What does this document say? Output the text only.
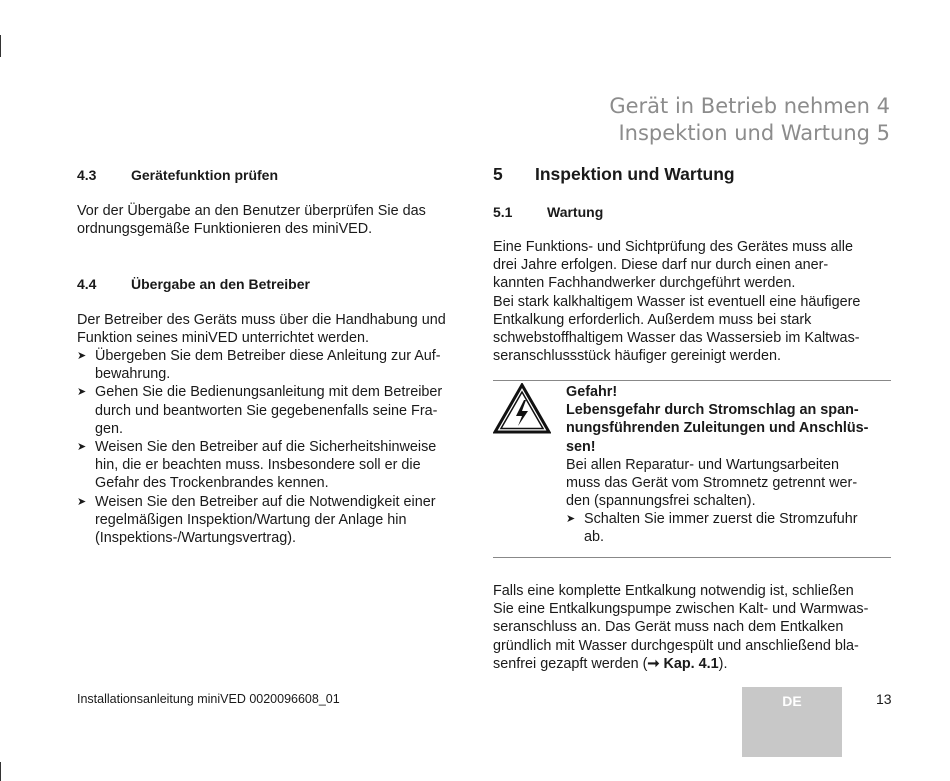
Gerät in Betrieb nehmen 4
Inspektion und Wartung 5
4.3 Gerätefunktion prüfen
Vor der Übergabe an den Benutzer überprüfen Sie das
ordnungsgemäße Funktionieren des miniVED.
4.4 Übergabe an den Betreiber
Der Betreiber des Geräts muss über die Handhabung und
Funktion seines miniVED unterrichtet werden.
➤ Übergeben Sie dem Betreiber diese Anleitung zur Auf-
bewahrung.
➤ Gehen Sie die Bedienungsanleitung mit dem Betreiber
durch und beantworten Sie gegebenenfalls seine Fra-
gen.
➤ Weisen Sie den Betreiber auf die Sicherheitshinweise
hin, die er beachten muss. Insbesondere soll er die
Gefahr des Trockenbrandes kennen.
➤ Weisen Sie den Betreiber auf die Notwendigkeit einer
regelmäßigen Inspektion/Wartung der Anlage hin
(Inspektions-/Wartungsvertrag).
5 Inspektion und Wartung
5.1 Wartung
Eine Funktions- und Sichtprüfung des Gerätes muss alle
drei Jahre erfolgen. Diese darf nur durch einen aner-
kannten Fachhandwerker durchgeführt werden.
Bei stark kalkhaltigem Wasser ist eventuell eine häufigere
Entkalkung erforderlich. Außerdem muss bei stark
schwebstoffhaltigem Wasser das Wassersieb im Kaltwas-
seranschlussstück häufiger gereinigt werden.
Gefahr!
Lebensgefahr durch Stromschlag an span-
nungsführenden Zuleitungen und Anschlüs-
sen!
Bei allen Reparatur- und Wartungsarbeiten
muss das Gerät vom Stromnetz getrennt wer-
den (spannungsfrei schalten).
➤ Schalten Sie immer zuerst die Stromzufuhr
ab.
Falls eine komplette Entkalkung notwendig ist, schließen
Sie eine Entkalkungspumpe zwischen Kalt- und Warmwas-
seranschluss an. Das Gerät muss nach dem Entkalken
gründlich mit Wasser durchgespült und anschließend bla-
senfrei gezapft werden (➞ Kap. 4.1).
Installationsanleitung miniVED 0020096608_01	DE	13
